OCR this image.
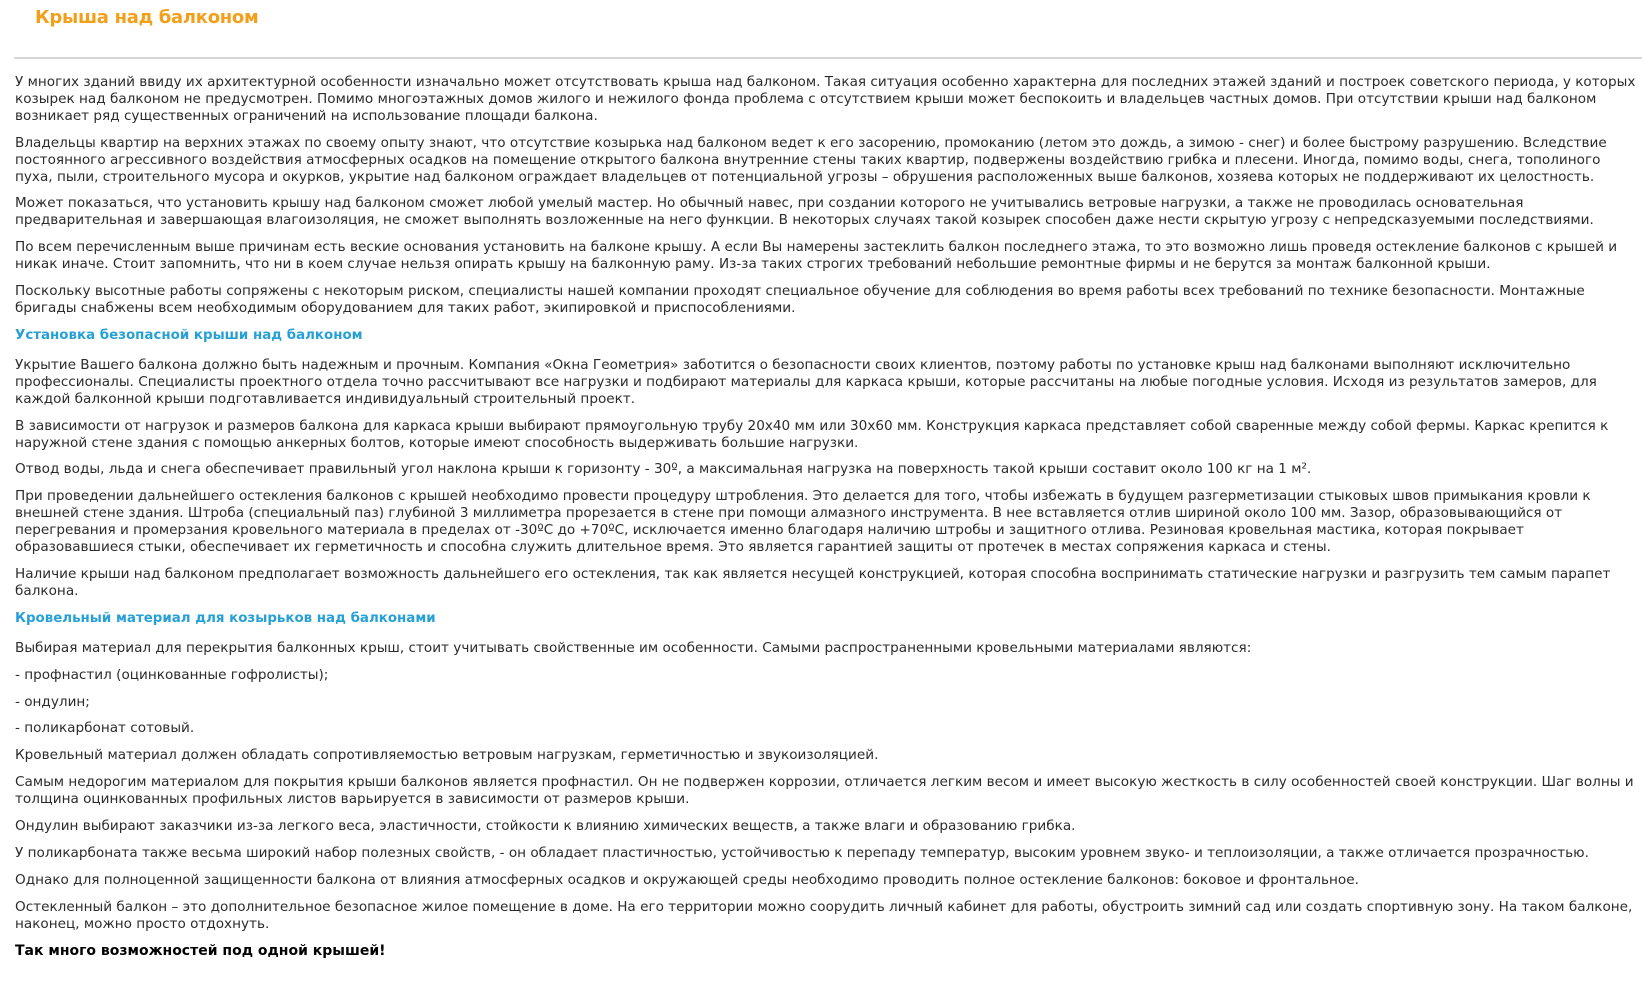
Крыша над балконом

У многих зданий ввиду их архитектурной особенности изначально может отсутствовать крыша над балконом. Такая ситуация особенно характерна для последних этажей зданий и построек советского периода, у которых козырек над балконом не предусмотрен. Помимо многоэтажных домов жилого и нежилого фонда проблема с отсутствием крыши может беспокоить и владельцев частных домов. При отсутствии крыши над балконом возникает ряд существенных ограничений на использование площади балкона.

Владельцы квартир на верхних этажах по своему опыту знают, что отсутствие козырька над балконом ведет к его засорению, промоканию (летом это дождь, а зимою - снег) и более быстрому разрушению. Вследствие постоянного агрессивного воздействия атмосферных осадков на помещение открытого балкона внутренние стены таких квартир, подвержены воздействию грибка и плесени. Иногда, помимо воды, снега, тополиного пуха, пыли, строительного мусора и окурков, укрытие над балконом ограждает владельцев от потенциальной угрозы – обрушения расположенных выше балконов, хозяева которых не поддерживают их целостность.

Может показаться, что установить крышу над балконом сможет любой умелый мастер. Но обычный навес, при создании которого не учитывались ветровые нагрузки, а также не проводилась основательная предварительная и завершающая влагоизоляция, не сможет выполнять возложенные на него функции. В некоторых случаях такой козырек способен даже нести скрытую угрозу с непредсказуемыми последствиями.

По всем перечисленным выше причинам есть веские основания установить на балконе крышу. А если Вы намерены застеклить балкон последнего этажа, то это возможно лишь проведя остекление балконов с крышей и никак иначе. Стоит запомнить, что ни в коем случае нельзя опирать крышу на балконную раму. Из-за таких строгих требований небольшие ремонтные фирмы и не берутся за монтаж балконной крыши.

Поскольку высотные работы сопряжены с некоторым риском, специалисты нашей компании проходят специальное обучение для соблюдения во время работы всех требований по технике безопасности. Монтажные бригады снабжены всем необходимым оборудованием для таких работ, экипировкой и приспособлениями.

Установка безопасной крыши над балконом

Укрытие Вашего балкона должно быть надежным и прочным. Компания «Окна Геометрия» заботится о безопасности своих клиентов, поэтому работы по установке крыш над балконами выполняют исключительно профессионалы. Специалисты проектного отдела точно рассчитывают все нагрузки и подбирают материалы для каркаса крыши, которые рассчитаны на любые погодные условия. Исходя из результатов замеров, для каждой балконной крыши подготавливается индивидуальный строительный проект.

В зависимости от нагрузок и размеров балкона для каркаса крыши выбирают прямоугольную трубу 20х40 мм или 30х60 мм. Конструкция каркаса представляет собой сваренные между собой фермы. Каркас крепится к наружной стене здания с помощью анкерных болтов, которые имеют способность выдерживать большие нагрузки.

Отвод воды, льда и снега обеспечивает правильный угол наклона крыши к горизонту - 30º, а максимальная нагрузка на поверхность такой крыши составит около 100 кг на 1 м².

При проведении дальнейшего остекления балконов с крышей необходимо провести процедуру штробления. Это делается для того, чтобы избежать в будущем разгерметизации стыковых швов примыкания кровли к внешней стене здания. Штроба (специальный паз) глубиной 3 миллиметра прорезается в стене при помощи алмазного инструмента. В нее вставляется отлив шириной около 100 мм. Зазор, образовывающийся от перегревания и промерзания кровельного материала в пределах от -30ºС до +70ºС, исключается именно благодаря наличию штробы и защитного отлива. Резиновая кровельная мастика, которая покрывает образовавшиеся стыки, обеспечивает их герметичность и способна служить длительное время. Это является гарантией защиты от протечек в местах сопряжения каркаса и стены.

Наличие крыши над балконом предполагает возможность дальнейшего его остекления, так как является несущей конструкцией, которая способна воспринимать статические нагрузки и разгрузить тем самым парапет балкона.

Кровельный материал для козырьков над балконами

Выбирая материал для перекрытия балконных крыш, стоит учитывать свойственные им особенности. Самыми распространенными кровельными материалами являются:

- профнастил (оцинкованные гофролисты);

- ондулин;

- поликарбонат сотовый.

Кровельный материал должен обладать сопротивляемостью ветровым нагрузкам, герметичностью и звукоизоляцией.

Самым недорогим материалом для покрытия крыши балконов является профнастил. Он не подвержен коррозии, отличается легким весом и имеет высокую жесткость в силу особенностей своей конструкции. Шаг волны и толщина оцинкованных профильных листов варьируется в зависимости от размеров крыши.

Ондулин выбирают заказчики из-за легкого веса, эластичности, стойкости к влиянию химических веществ, а также влаги и образованию грибка.

У поликарбоната также весьма широкий набор полезных свойств, - он обладает пластичностью, устойчивостью к перепаду температур, высоким уровнем звуко- и теплоизоляции, а также отличается прозрачностью.

Однако для полноценной защищенности балкона от влияния атмосферных осадков и окружающей среды необходимо проводить полное остекление балконов: боковое и фронтальное.

Остекленный балкон – это дополнительное безопасное жилое помещение в доме. На его территории можно соорудить личный кабинет для работы, обустроить зимний сад или создать спортивную зону. На таком балконе, наконец, можно просто отдохнуть.

Так много возможностей под одной крышей!
